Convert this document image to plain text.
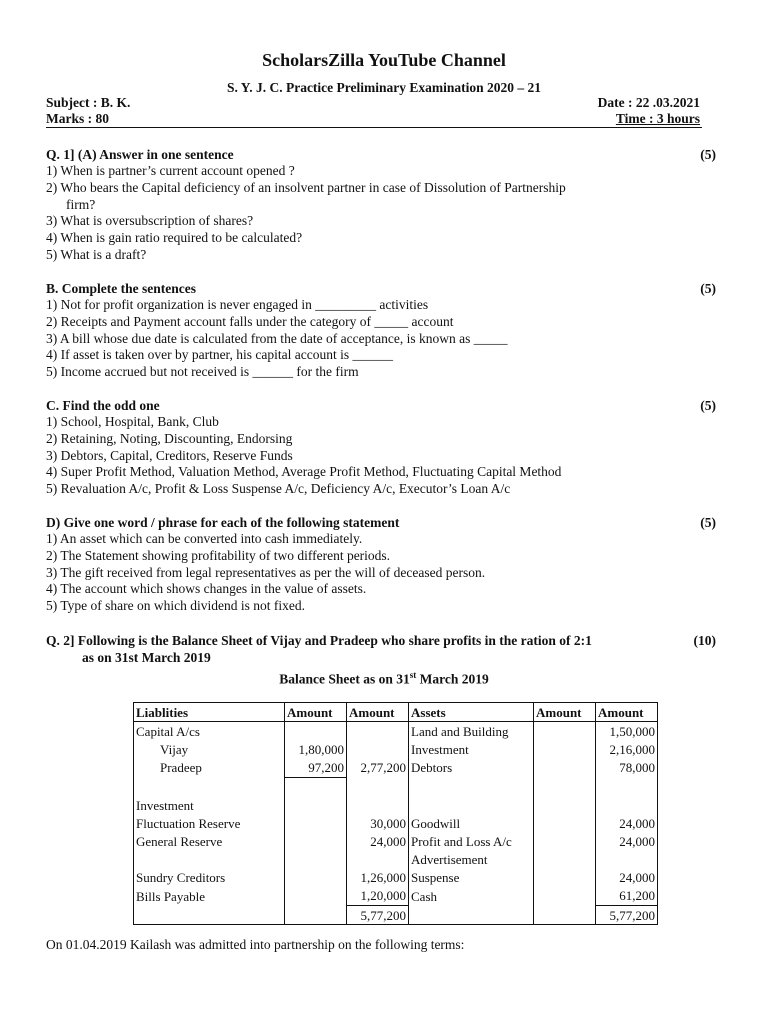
ScholarsZilla YouTube Channel
S. Y. J. C. Practice Preliminary Examination 2020 – 21
Subject : B. K.
Marks : 80
Date : 22 .03.2021
Time : 3 hours
Q. 1] (A) Answer in one sentence	(5)
1) When is partner’s current account opened ?
2) Who bears the Capital deficiency of an insolvent partner in case of Dissolution of Partnership
firm?
3) What is oversubscription of shares?
4) When is gain ratio required to be calculated?
5) What is a draft?
B. Complete the sentences	(5)
1) Not for profit organization is never engaged in _________ activities
2) Receipts and Payment account falls under the category of _____ account
3) A bill whose due date is calculated from the date of acceptance, is known as _____
4) If asset is taken over by partner, his capital account is ______
5) Income accrued but not received is ______ for the firm
C. Find the odd one	(5)
1) School, Hospital, Bank, Club
2) Retaining, Noting, Discounting, Endorsing
3) Debtors, Capital, Creditors, Reserve Funds
4) Super Profit Method, Valuation Method, Average Profit Method, Fluctuating Capital Method
5) Revaluation A/c, Profit & Loss Suspense A/c, Deficiency A/c, Executor’s Loan A/c
D) Give one word / phrase for each of the following statement	(5)
1) An asset which can be converted into cash immediately.
2) The Statement showing profitability of two different periods.
3) The gift received from legal representatives as per the will of deceased person.
4) The account which shows changes in the value of assets.
5) Type of share on which dividend is not fixed.
Q. 2] Following is the Balance Sheet of Vijay and Pradeep who share profits in the ration of 2:1	(10)
as on 31st March 2019
Balance Sheet as on 31st March 2019
Liablities	Amount	Amount	Assets	Amount	Amount
Capital A/cs			Land and Building		1,50,000
Vijay	1,80,000		Investment		2,16,000
Pradeep	97,200	2,77,200	Debtors		78,000

Investment					
Fluctuation Reserve		30,000	Goodwill		24,000
General Reserve		24,000	Profit and Loss A/c		24,000
			Advertisement		
Sundry Creditors		1,26,000	Suspense		24,000
Bills Payable		1,20,000	Cash		61,200
		5,77,200			5,77,200
On 01.04.2019 Kailash was admitted into partnership on the following terms:
